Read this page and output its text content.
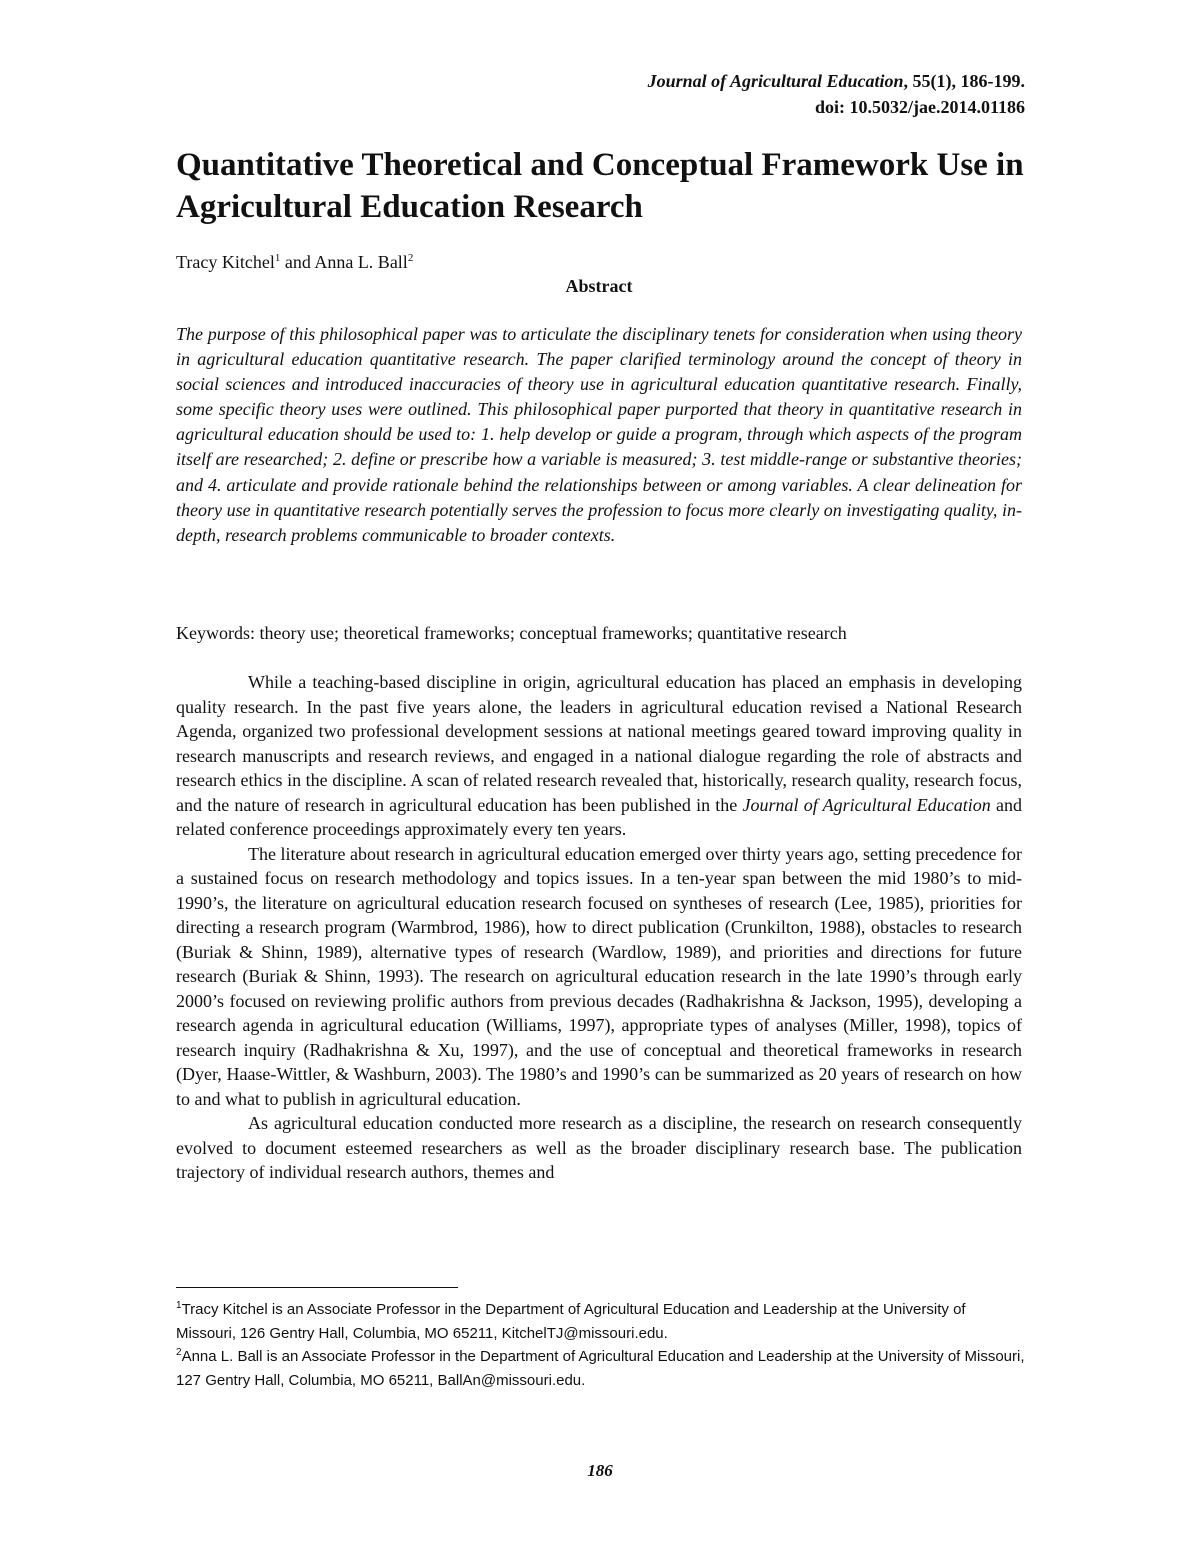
Journal of Agricultural Education, 55(1), 186-199.
doi: 10.5032/jae.2014.01186
Quantitative Theoretical and Conceptual Framework Use in Agricultural Education Research
Tracy Kitchel$^1$ and Anna L. Ball$^2$
Abstract

The purpose of this philosophical paper was to articulate the disciplinary tenets for consideration when using theory in agricultural education quantitative research. The paper clarified terminology around the concept of theory in social sciences and introduced inaccuracies of theory use in agricultural education quantitative research. Finally, some specific theory uses were outlined. This philosophical paper purported that theory in quantitative research in agricultural education should be used to: 1. help develop or guide a program, through which aspects of the program itself are researched; 2. define or prescribe how a variable is measured; 3. test middle-range or substantive theories; and 4. articulate and provide rationale behind the relationships between or among variables. A clear delineation for theory use in quantitative research potentially serves the profession to focus more clearly on investigating quality, in-depth, research problems communicable to broader contexts.

Keywords: theory use; theoretical frameworks; conceptual frameworks; quantitative research

While a teaching-based discipline in origin, agricultural education has placed an emphasis in developing quality research. In the past five years alone, the leaders in agricultural education revised a National Research Agenda, organized two professional development sessions at national meetings geared toward improving quality in research manuscripts and research reviews, and engaged in a national dialogue regarding the role of abstracts and research ethics in the discipline. A scan of related research revealed that, historically, research quality, research focus, and the nature of research in agricultural education has been published in the Journal of Agricultural Education and related conference proceedings approximately every ten years.

The literature about research in agricultural education emerged over thirty years ago, setting precedence for a sustained focus on research methodology and topics issues. In a ten-year span between the mid 1980’s to mid- 1990’s, the literature on agricultural education research focused on syntheses of research (Lee, 1985), priorities for directing a research program (Warmbrod, 1986), how to direct publication (Crunkilton, 1988), obstacles to research (Buriak & Shinn, 1989), alternative types of research (Wardlow, 1989), and priorities and directions for future research (Buriak & Shinn, 1993). The research on agricultural education research in the late 1990’s through early 2000’s focused on reviewing prolific authors from previous decades (Radhakrishna & Jackson, 1995), developing a research agenda in agricultural education (Williams, 1997), appropriate types of analyses (Miller, 1998), topics of research inquiry (Radhakrishna & Xu, 1997), and the use of conceptual and theoretical frameworks in research (Dyer, Haase-Wittler, & Washburn, 2003). The 1980’s and 1990’s can be summarized as 20 years of research on how to and what to publish in agricultural education.

As agricultural education conducted more research as a discipline, the research on research consequently evolved to document esteemed researchers as well as the broader disciplinary research base. The publication trajectory of individual research authors, themes and

$^1$Tracy Kitchel is an Associate Professor in the Department of Agricultural Education and Leadership at the University of Missouri, 126 Gentry Hall, Columbia, MO 65211, KitchelTJ@missouri.edu.

$^2$Anna L. Ball is an Associate Professor in the Department of Agricultural Education and Leadership at the University of Missouri, 127 Gentry Hall, Columbia, MO 65211, BallAn@missouri.edu.

186
